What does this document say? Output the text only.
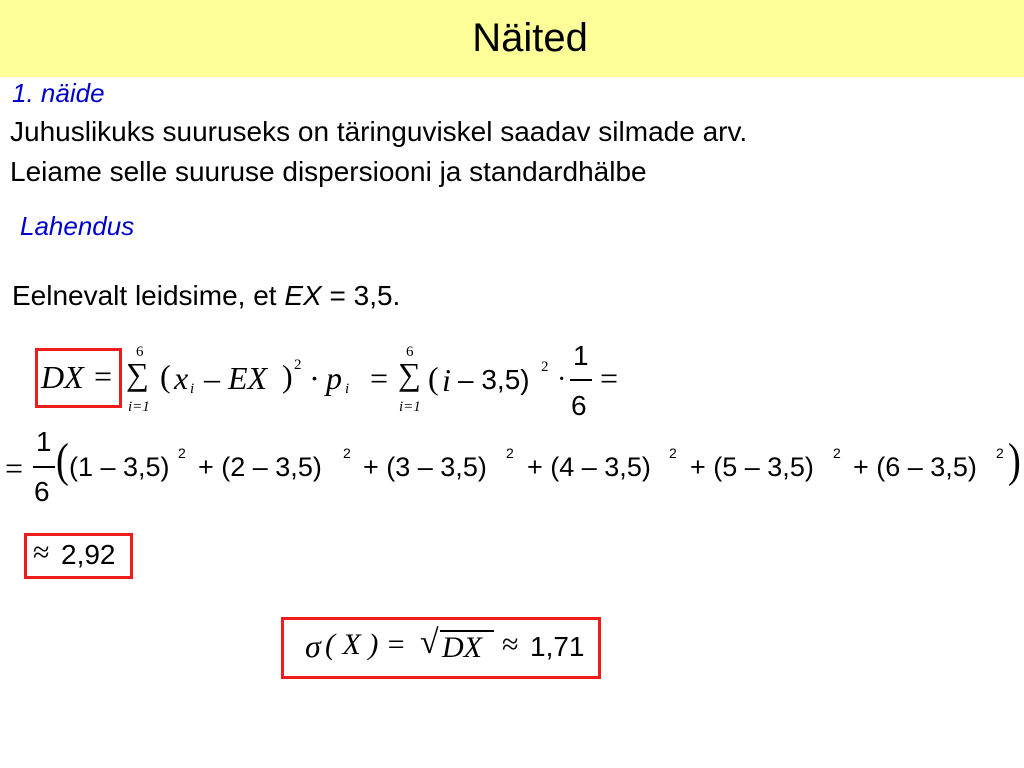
Näited
1. näide
Juhuslikuks suuruseks on täringuviskel saadav silmade arv.
Leiame selle suuruse dispersiooni ja standardhälbe
Lahendus
Eelnevalt leidsime, et EX = 3,5.
DX =
6
∑
i=1
( x i – EX ) 2 · p i =
6
∑
i=1
( i – 3,5) 2 ·
1
6
=
=
1
6
( (1 – 3,5) 2 + (2 – 3,5) 2 + (3 – 3,5) 2 + (4 – 3,5) 2 + (5 – 3,5) 2 + (6 – 3,5) 2 )
≈ 2,92
σ ( X ) = √ DX ≈ 1,71
